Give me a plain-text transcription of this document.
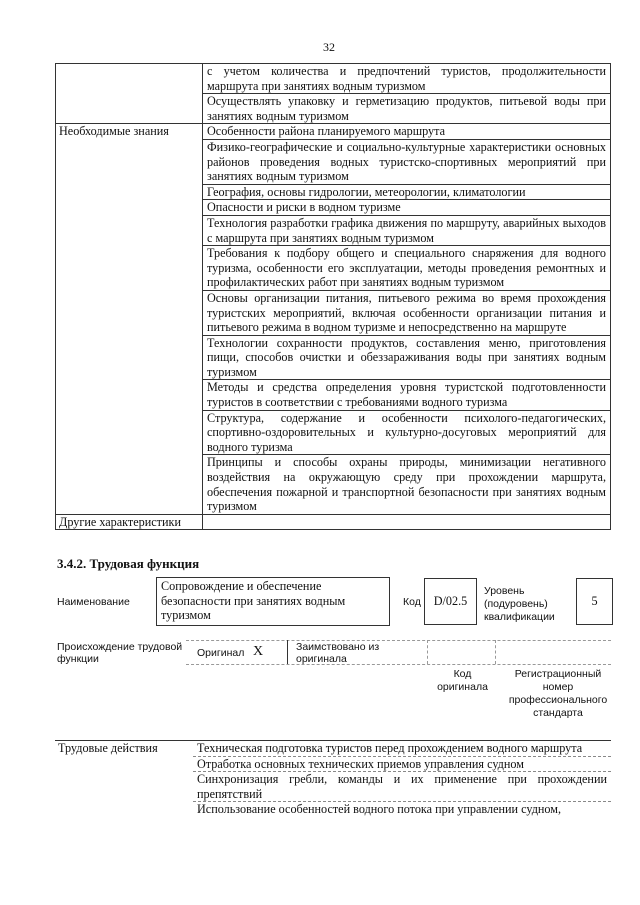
32
	с учетом количества и предпочтений туристов, продолжительности маршрута при занятиях водным туризмом
	Осуществлять упаковку и герметизацию продуктов, питьевой воды при занятиях водным туризмом
Необходимые знания	Особенности района планируемого маршрута
	Физико-географические и социально-культурные характеристики основных районов проведения водных туристско-спортивных мероприятий при занятиях водным туризмом
	География, основы гидрологии, метеорологии, климатологии
	Опасности и риски в водном туризме
	Технология разработки графика движения по маршруту, аварийных выходов с маршрута при занятиях водным туризмом
	Требования к подбору общего и специального снаряжения для водного туризма, особенности его эксплуатации, методы проведения ремонтных и профилактических работ при занятиях водным туризмом
	Основы организации питания, питьевого режима во время прохождения туристских мероприятий, включая особенности организации питания и питьевого режима в водном туризме и непосредственно на маршруте
	Технологии сохранности продуктов, составления меню, приготовления пищи, способов очистки и обеззараживания воды при занятиях водным туризмом
	Методы и средства определения уровня туристской подготовленности туристов в соответствии с требованиями водного туризма
	Структура, содержание и особенности психолого-педагогических, спортивно-оздоровительных и культурно-досуговых мероприятий для водного туризма
	Принципы и способы охраны природы, минимизации негативного воздействия на окружающую среду при прохождении маршрута, обеспечения пожарной и транспортной безопасности при занятиях водным туризмом
Другие характеристики	
3.4.2. Трудовая функция
Наименование
Сопровождение и обеспечение безопасности при занятиях водным туризмом
Код	D/02.5
Уровень (подуровень) квалификации
5
Происхождение трудовой функции	Оригинал X	Заимствовано из оригинала
Код оригинала
Регистрационный номер профессионального стандарта
Трудовые действия	Техническая подготовка туристов перед прохождением водного маршрута
	Отработка основных технических приемов управления судном
	Синхронизация гребли, команды и их применение при прохождении препятствий
	Использование особенностей водного потока при управлении судном,
